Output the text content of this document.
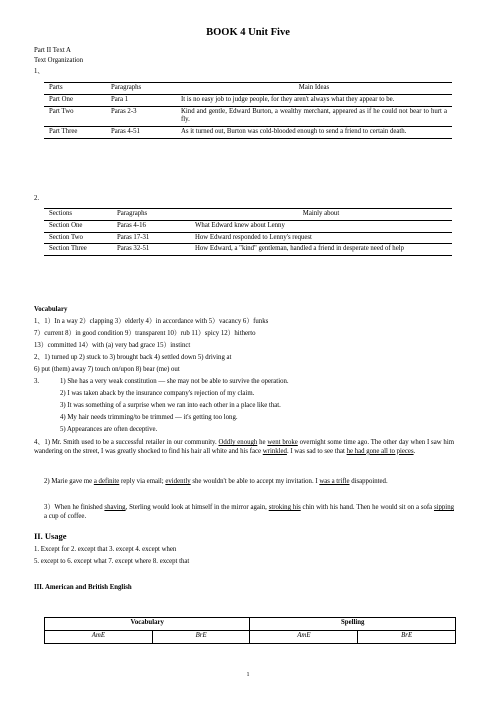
BOOK 4 Unit Five
Part II Text A
Text Organization
1、
Parts	Paragraphs	Main Ideas
Part One	Para 1	It is no easy job to judge people, for they aren't always what they appear to be.
Part Two	Paras 2-3	Kind and gentle, Edward Burton, a wealthy merchant, appeared as if he could not bear to hurt a fly.
Part Three	Paras 4-51	As it turned out, Burton was cold-blooded enough to send a friend to certain death.
2.
Sections	Paragraphs	Mainly about
Section One	Paras 4-16	What Edward knew about Lenny
Section Two	Paras 17-31	How Edward responded to Lenny's request
Section Three	Paras 32-51	How Edward, a "kind" gentleman, handled a friend in desperate need of help
Vocabulary
1、1）In a way 2）clapping 3）elderly 4）in accordance with 5）vacancy 6）funks
7）current 8）in good condition 9）transparent 10）rub 11）spicy 12）hitherto
13）committed 14）with (a) very bad grace 15）instinct
2、1) turned up 2) stuck to 3) brought back 4) settled down 5) driving at
6) put (them) away 7) touch on/upon 8) bear (me) out
3.	1) She has a very weak constitution — she may not be able to survive the operation.
2) I was taken aback by the insurance company's rejection of my claim.
3) It was something of a surprise when we ran into each other in a place like that.
4) My hair needs trimming/to be trimmed — it's getting too long.
5) Appearances are often deceptive.
4、1) Mr. Smith used to be a successful retailer in our community. Oddly enough he went broke overnight some time ago. The other day when I saw him wandering on the street, I was greatly shocked to find his hair all white and his face wrinkled. I was sad to see that he had gone all to pieces.
2) Marie gave me a definite reply via email; evidently she wouldn't be able to accept my invitation. I was a trifle disappointed.
3）When he finished shaving, Sterling would look at himself in the mirror again, stroking his chin with his hand. Then he would sit on a sofa sipping a cup of coffee.
II. Usage
1. Except for 2. except that 3. except 4. except when
5. except to 6. except what 7. except where 8. except that
III. American and British English
Vocabulary		Spelling	
AmE	BrE	AmE	BrE
1
